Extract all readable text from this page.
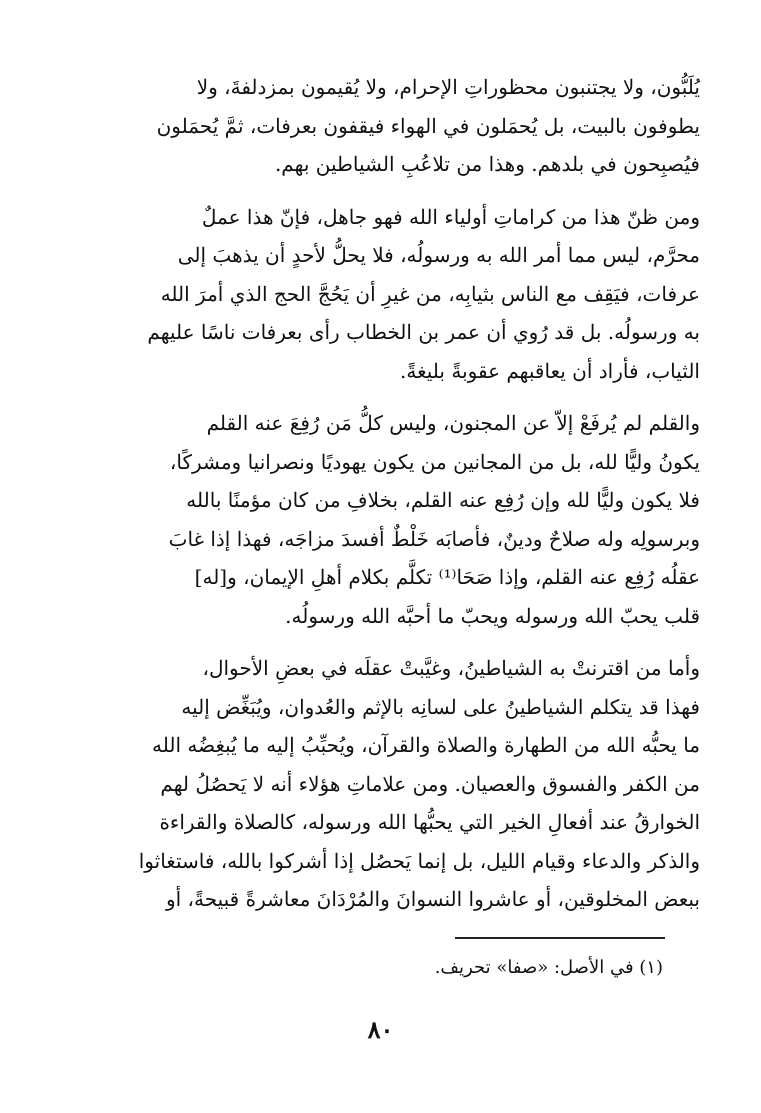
يُلَبُّون، ولا يجتنبون محظوراتِ الإحرام، ولا يُقيمون بمزدلفةَ، ولا
يطوفون بالبيت، بل يُحمَلون في الهواء فيقفون بعرفات، ثمَّ يُحمَلون
فيُصبِحون في بلدهم. وهذا من تلاعُبِ الشياطين بهم.

ومن ظنّ هذا من كراماتِ أولياء الله فهو جاهل، فإنّ هذا عملٌ
محرَّم، ليس مما أمر الله به ورسولُه، فلا يحلُّ لأحدٍ أن يذهبَ إلى
عرفات، فيَقِف مع الناس بثيابِه، من غيرِ أن يَحُجَّ الحج الذي أمرَ الله
به ورسولُه. بل قد رُوي أن عمر بن الخطاب رأى بعرفات ناسًا عليهم
الثياب، فأراد أن يعاقبهم عقوبةً بليغةً.

والقلم لم يُرفَعْ إلاّ عن المجنون، وليس كلُّ مَن رُفِعَ عنه القلم
يكونُ وليًّا لله، بل من المجانين من يكون يهوديًا ونصرانيا ومشركًا،
فلا يكون وليًّا لله وإن رُفِع عنه القلم، بخلافِ من كان مؤمنًا بالله
وبرسولِه وله صلاحٌ ودينٌ، فأصابَه خَلْطٌ أفسدَ مزاجَه، فهذا إذا غابَ
عقلُه رُفِع عنه القلم، وإذا صَحَا⁽¹⁾ تكلَّم بكلام أهلِ الإيمان، و[له]
قلب يحبّ الله ورسوله ويحبّ ما أحبَّه الله ورسولُه.

وأما من اقترنتْ به الشياطينُ، وغيَّبتْ عقلَه في بعضِ الأحوال،
فهذا قد يتكلم الشياطينُ على لسانِه بالإثم والعُدوان، ويُبَغِّض إليه
ما يحبُّه الله من الطهارة والصلاة والقرآن، ويُحبِّبُ إليه ما يُبغِضُه الله
من الكفر والفسوق والعصيان. ومن علاماتِ هؤلاء أنه لا يَحصُلُ لهم
الخوارقُ عند أفعالِ الخير التي يحبُّها الله ورسوله، كالصلاة والقراءة
والذكر والدعاء وقيام الليل، بل إنما يَحصُل إذا أشركوا بالله، فاستغاثوا
ببعض المخلوقين، أو عاشروا النسوانَ والمُرْدَانَ معاشرةً قبيحةً، أو

(١) في الأصل: «صفا» تحريف.
٨٠
